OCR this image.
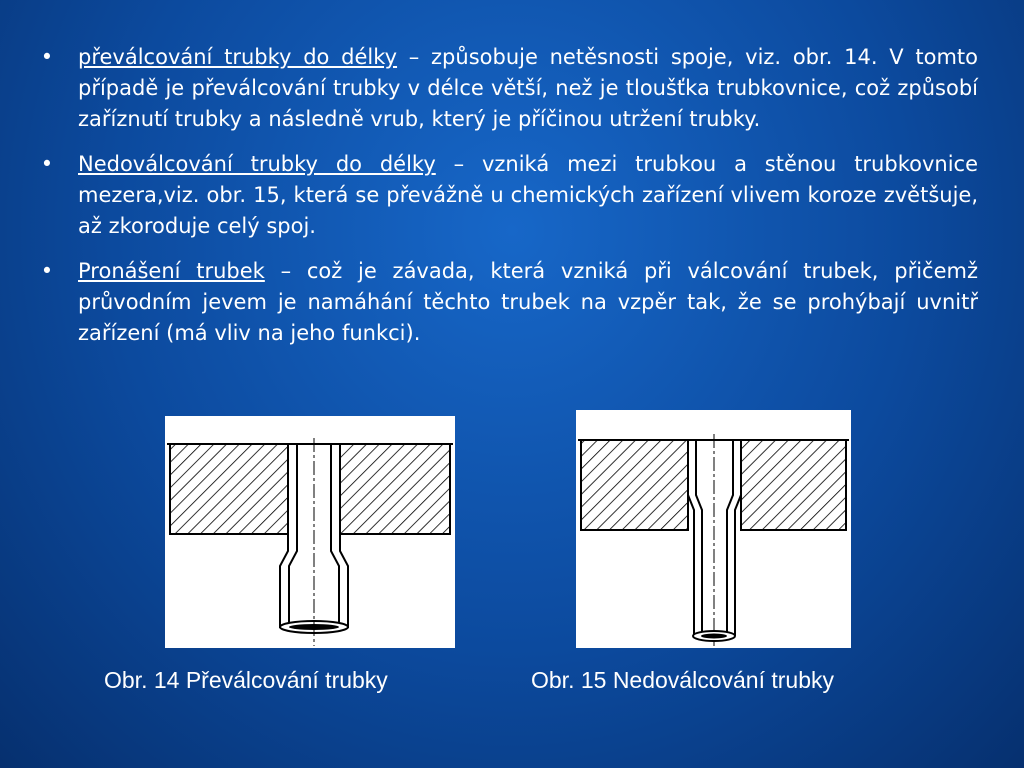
• převálcování trubky do délky – způsobuje netěsnosti spoje, viz. obr. 14. V tomto případě je převálcování trubky v délce větší, než je tloušťka trubkovnice, což způsobí zaříznutí trubky a následně vrub, který je příčinou utržení trubky.
• Nedoválcování trubky do délky – vzniká mezi trubkou a stěnou trubkovnice mezera,viz. obr. 15, která se převážně u chemických zařízení vlivem koroze zvětšuje, až zkoroduje celý spoj.
• Pronášení trubek – což je závada, která vzniká při válcování trubek, přičemž průvodním jevem je namáhání těchto trubek na vzpěr tak, že se prohýbají uvnitř zařízení (má vliv na jeho funkci).
Obr. 14 Převálcování trubky	Obr. 15 Nedoválcování trubky
